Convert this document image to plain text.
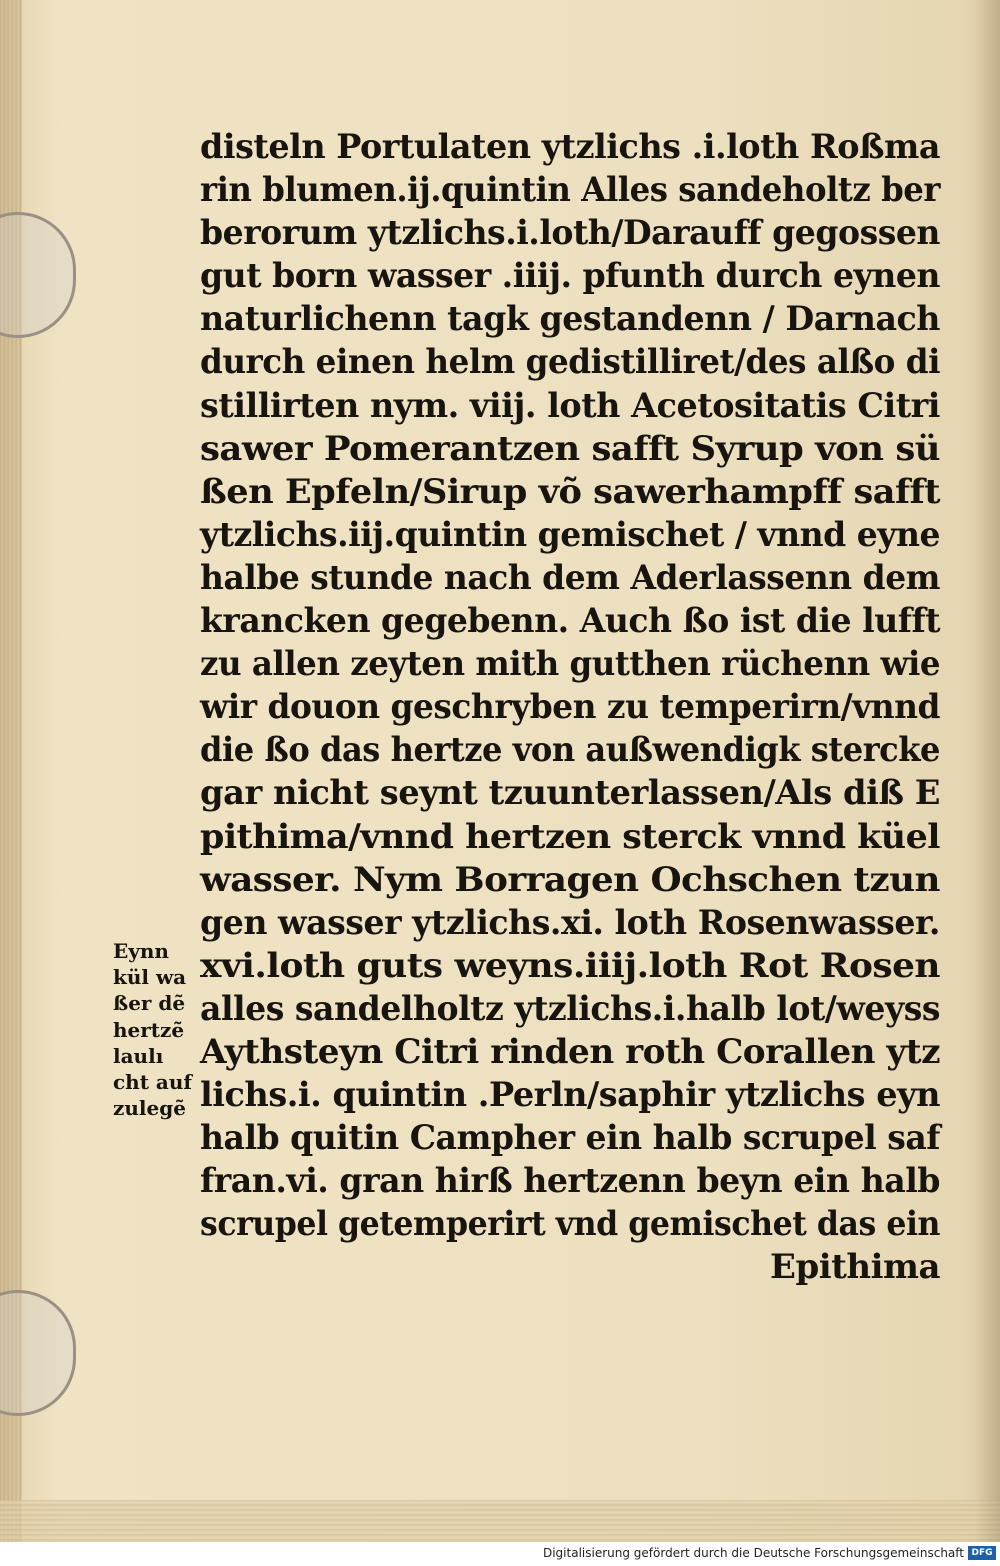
disteln Portulaten ytzlichs .i.loth Roßma
rin blumen.ij.quintin Alles sandeholtz ber
berorum ytzlichs.i.loth/Darauff gegossen
gut born wasser .iiij. pfunth durch eynen
naturlichenn tagk gestandenn / Darnach
durch einen helm gedistilliret/des alßo di
stillirten nym. viij. loth Acetositatis Citri
sawer Pomerantzen safft Syrup von sü
ßen Epfeln/Sirup võ sawerhampff safft
ytzlichs.iij.quintin gemischet / vnnd eyne
halbe stunde nach dem Aderlassenn dem
krancken gegebenn. Auch ßo ist die lufft
zu allen zeyten mith gutthen rüchenn wie
wir douon geschryben zu temperirn/vnnd
die ßo das hertze von außwendigk stercke
gar nicht seynt tzuunterlassen/Als diß E
pithima/vnnd hertzen sterck vnnd küel
wasser. Nym Borragen Ochschen tzun
gen wasser ytzlichs.xi. loth Rosenwasser.
xvi.loth guts weyns.iiij.loth Rot Rosen
alles sandelholtz ytzlichs.i.halb lot/weyss
Aythsteyn Citri rinden roth Corallen ytz
lichs.i. quintin .Perln/saphir ytzlichs eyn
halb quitin Campher ein halb scrupel saf
fran.vi. gran hirß hertzenn beyn ein halb
scrupel getemperirt vnd gemischet das ein
Epithima
Eynn
kül wa
ßer dẽ
hertzẽ
laulı
cht auf
zulegẽ
Digitalisierung gefördert durch die Deutsche Forschungsgemeinschaft DFG
